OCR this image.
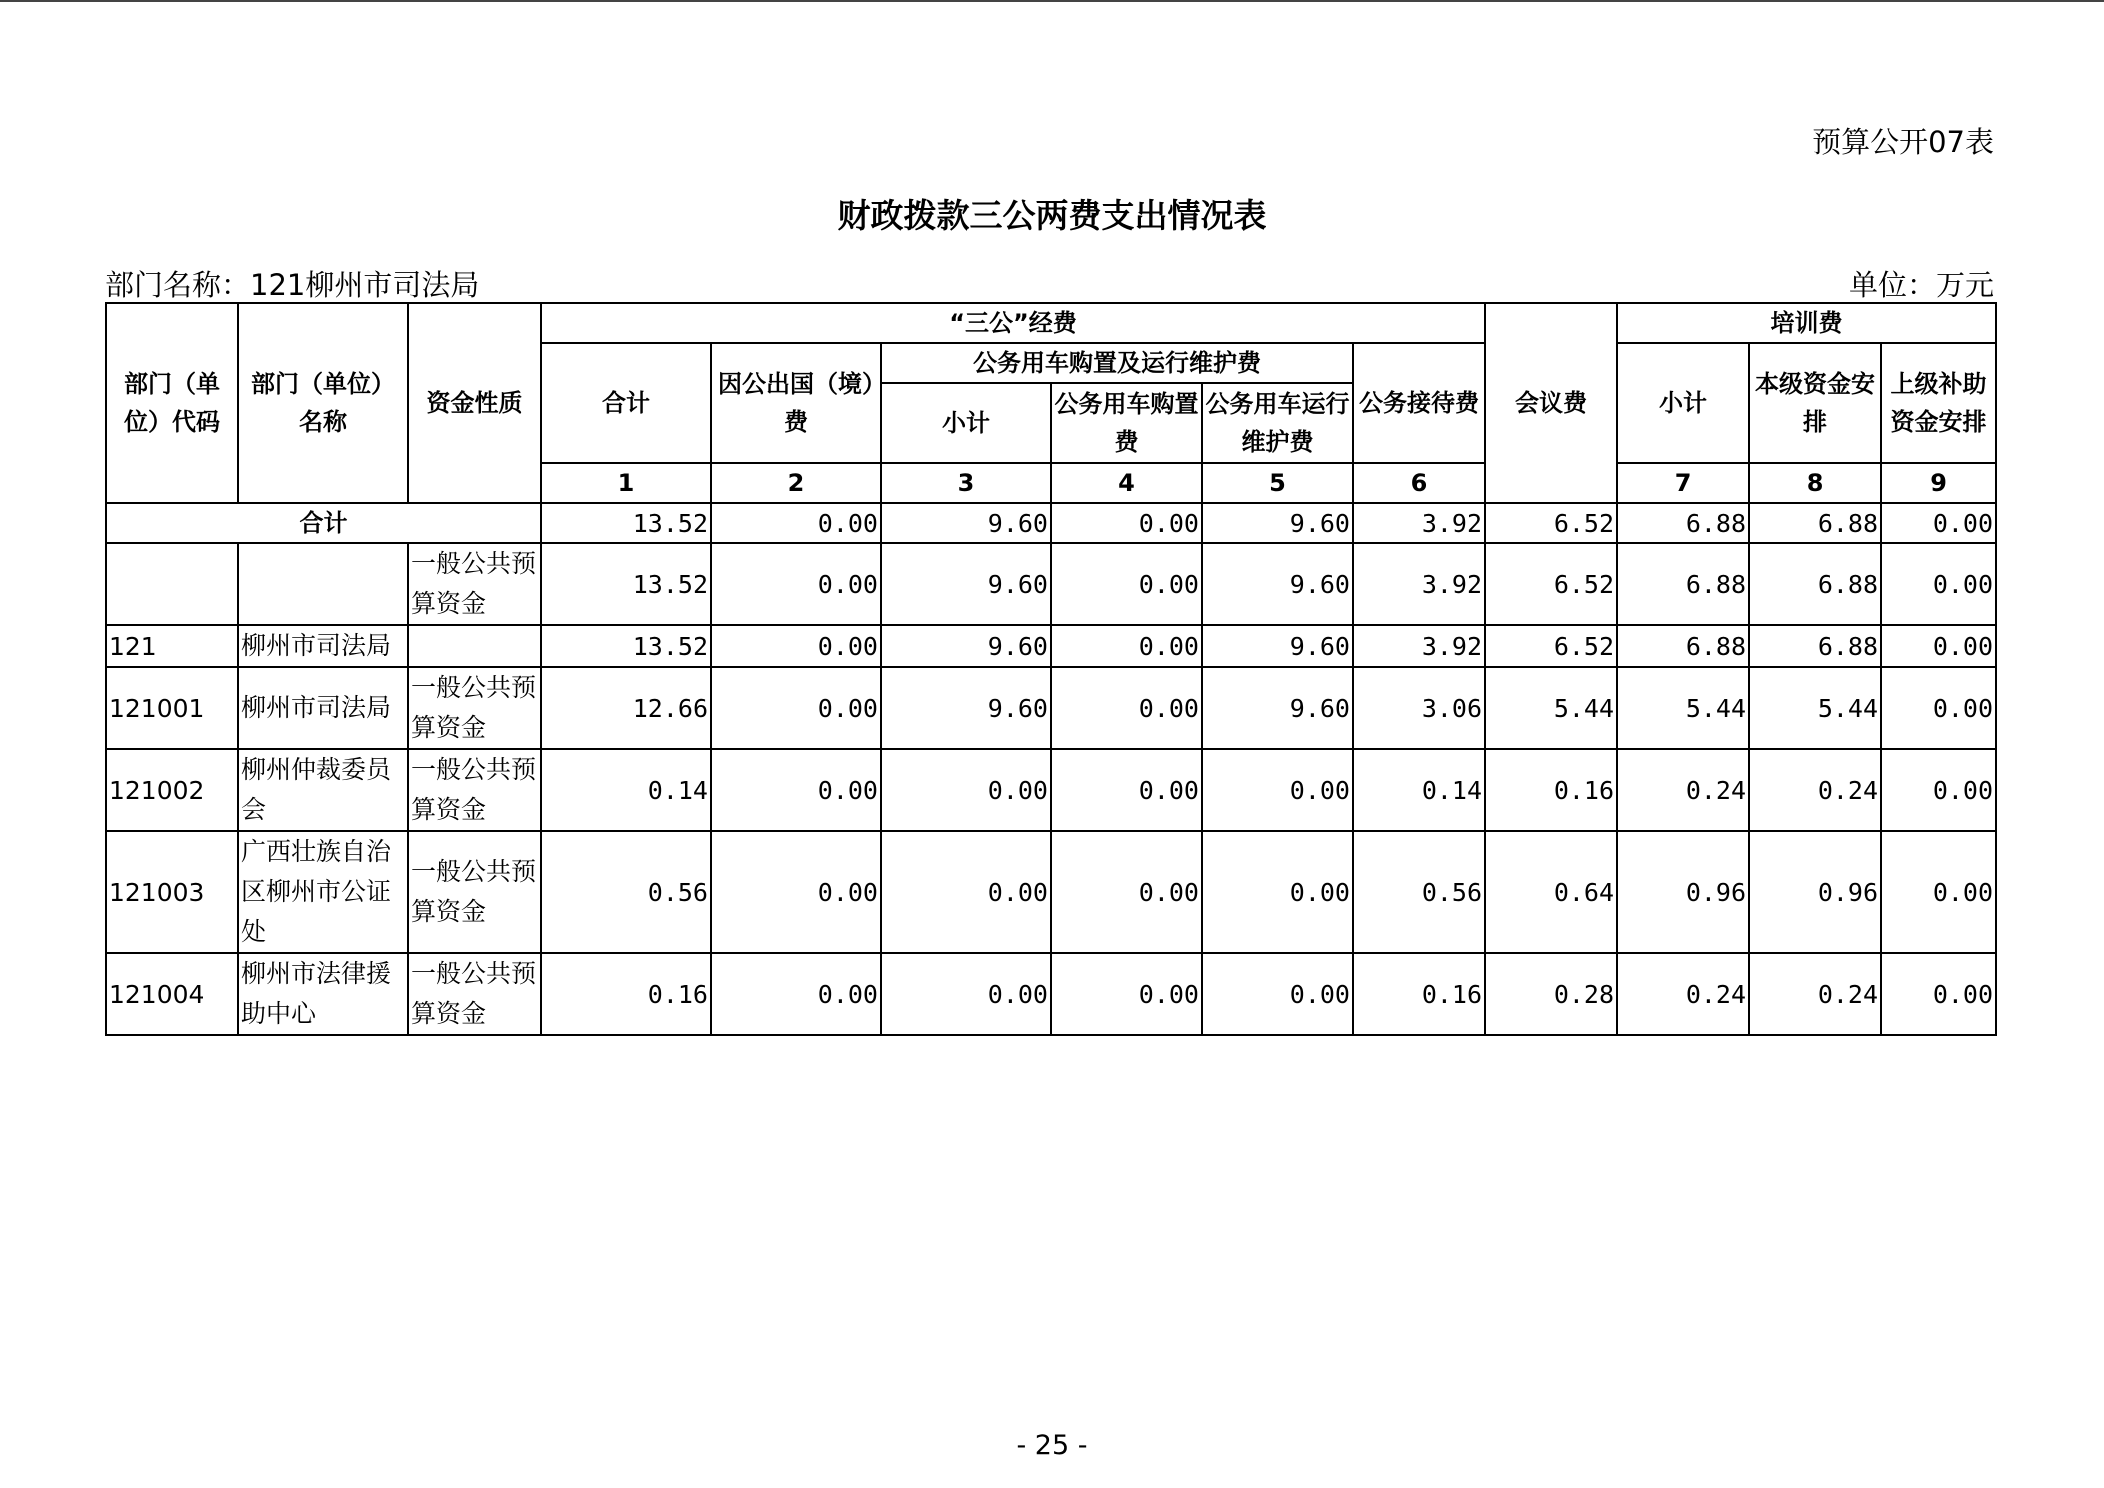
预算公开07表
财政拨款三公两费支出情况表
部门名称：121柳州市司法局	单位：万元
部门（单位）代码	部门（单位）名称	资金性质	“三公”经费						会议费	培训费			
			合计	因公出国（境）费	公务用车购置及运行维护费			公务接待费		小计	本级资金安排	上级补助资金安排	
					小计	公务用车购置费	公务用车运行维护费						
			1	2	3	4	5	6		7	8	9	
合计			13.52	0.00	9.60	0.00	9.60	3.92	6.52	6.88	6.88	0.00	
		一般公共预算资金	13.52	0.00	9.60	0.00	9.60	3.92	6.52	6.88	6.88	0.00	
121	柳州市司法局		13.52	0.00	9.60	0.00	9.60	3.92	6.52	6.88	6.88	0.00	
121001	柳州市司法局	一般公共预算资金	12.66	0.00	9.60	0.00	9.60	3.06	5.44	5.44	5.44	0.00	
121002	柳州仲裁委员会	一般公共预算资金	0.14	0.00	0.00	0.00	0.00	0.14	0.16	0.24	0.24	0.00	
121003	广西壮族自治区柳州市公证处	一般公共预算资金	0.56	0.00	0.00	0.00	0.00	0.56	0.64	0.96	0.96	0.00	
121004	柳州市法律援助中心	一般公共预算资金	0.16	0.00	0.00	0.00	0.00	0.16	0.28	0.24	0.24	0.00	
- 25 -
